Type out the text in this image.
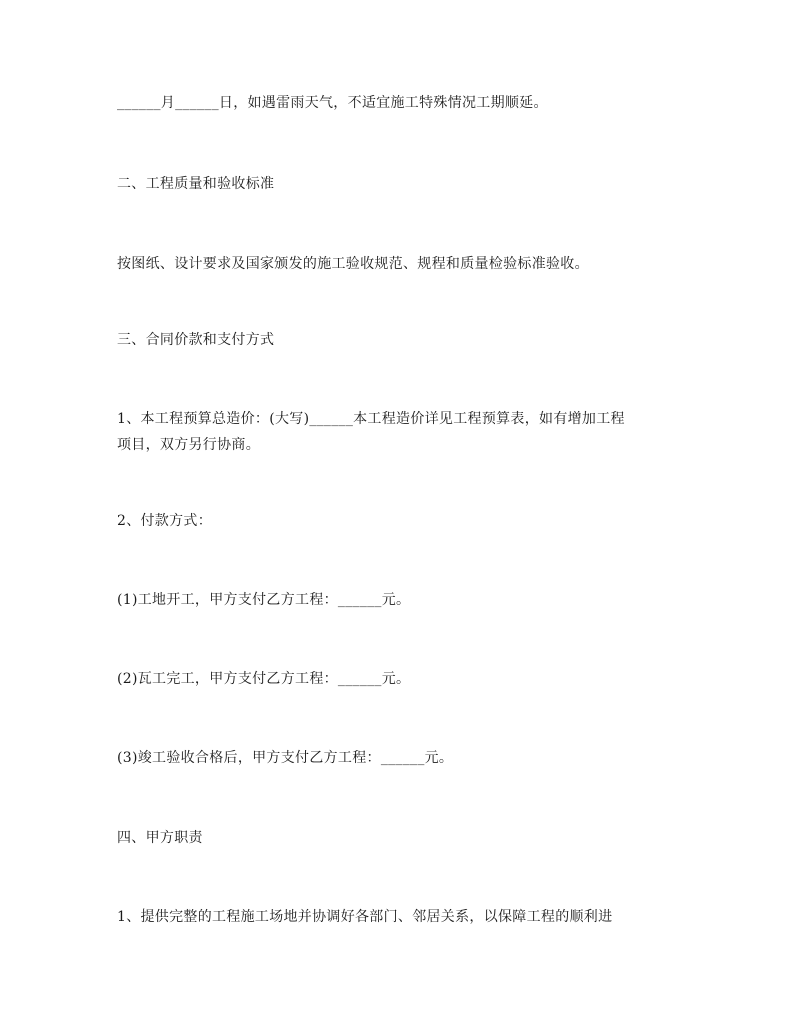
______月______日，如遇雷雨天气，不适宜施工特殊情况工期顺延。
二、工程质量和验收标准
按图纸、设计要求及国家颁发的施工验收规范、规程和质量检验标准验收。
三、合同价款和支付方式
1、本工程预算总造价：(大写)______本工程造价详见工程预算表，如有增加工程
项目，双方另行协商。
2、付款方式：
(1)工地开工，甲方支付乙方工程：______元。
(2)瓦工完工，甲方支付乙方工程：______元。
(3)竣工验收合格后，甲方支付乙方工程：______元。
四、甲方职责
1、提供完整的工程施工场地并协调好各部门、邻居关系，以保障工程的顺利进
